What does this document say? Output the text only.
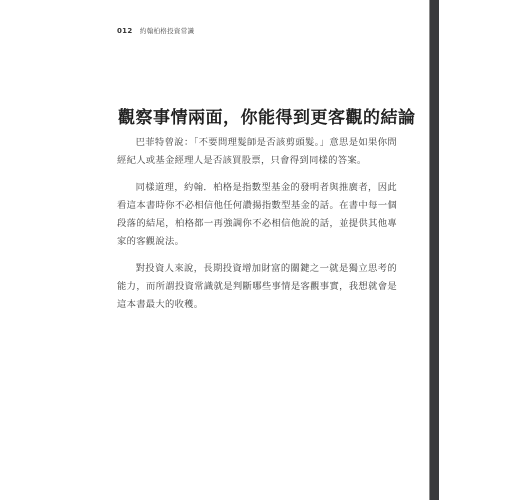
012 約翰柏格投資常識
觀察事情兩面，你能得到更客觀的結論

巴菲特曾說：「不要問理髮師是否該剪頭髮。」意思是如果你問經紀人或基金經理人是否該買股票，只會得到同樣的答案。

同樣道理，約翰．柏格是指數型基金的發明者與推廣者，因此看這本書時你不必相信他任何讚揚指數型基金的話。在書中每一個段落的結尾，柏格都一再強調你不必相信他說的話，並提供其他專家的客觀說法。

對投資人來說，長期投資增加財富的關鍵之一就是獨立思考的能力，而所謂投資常識就是判斷哪些事情是客觀事實，我想就會是這本書最大的收穫。
